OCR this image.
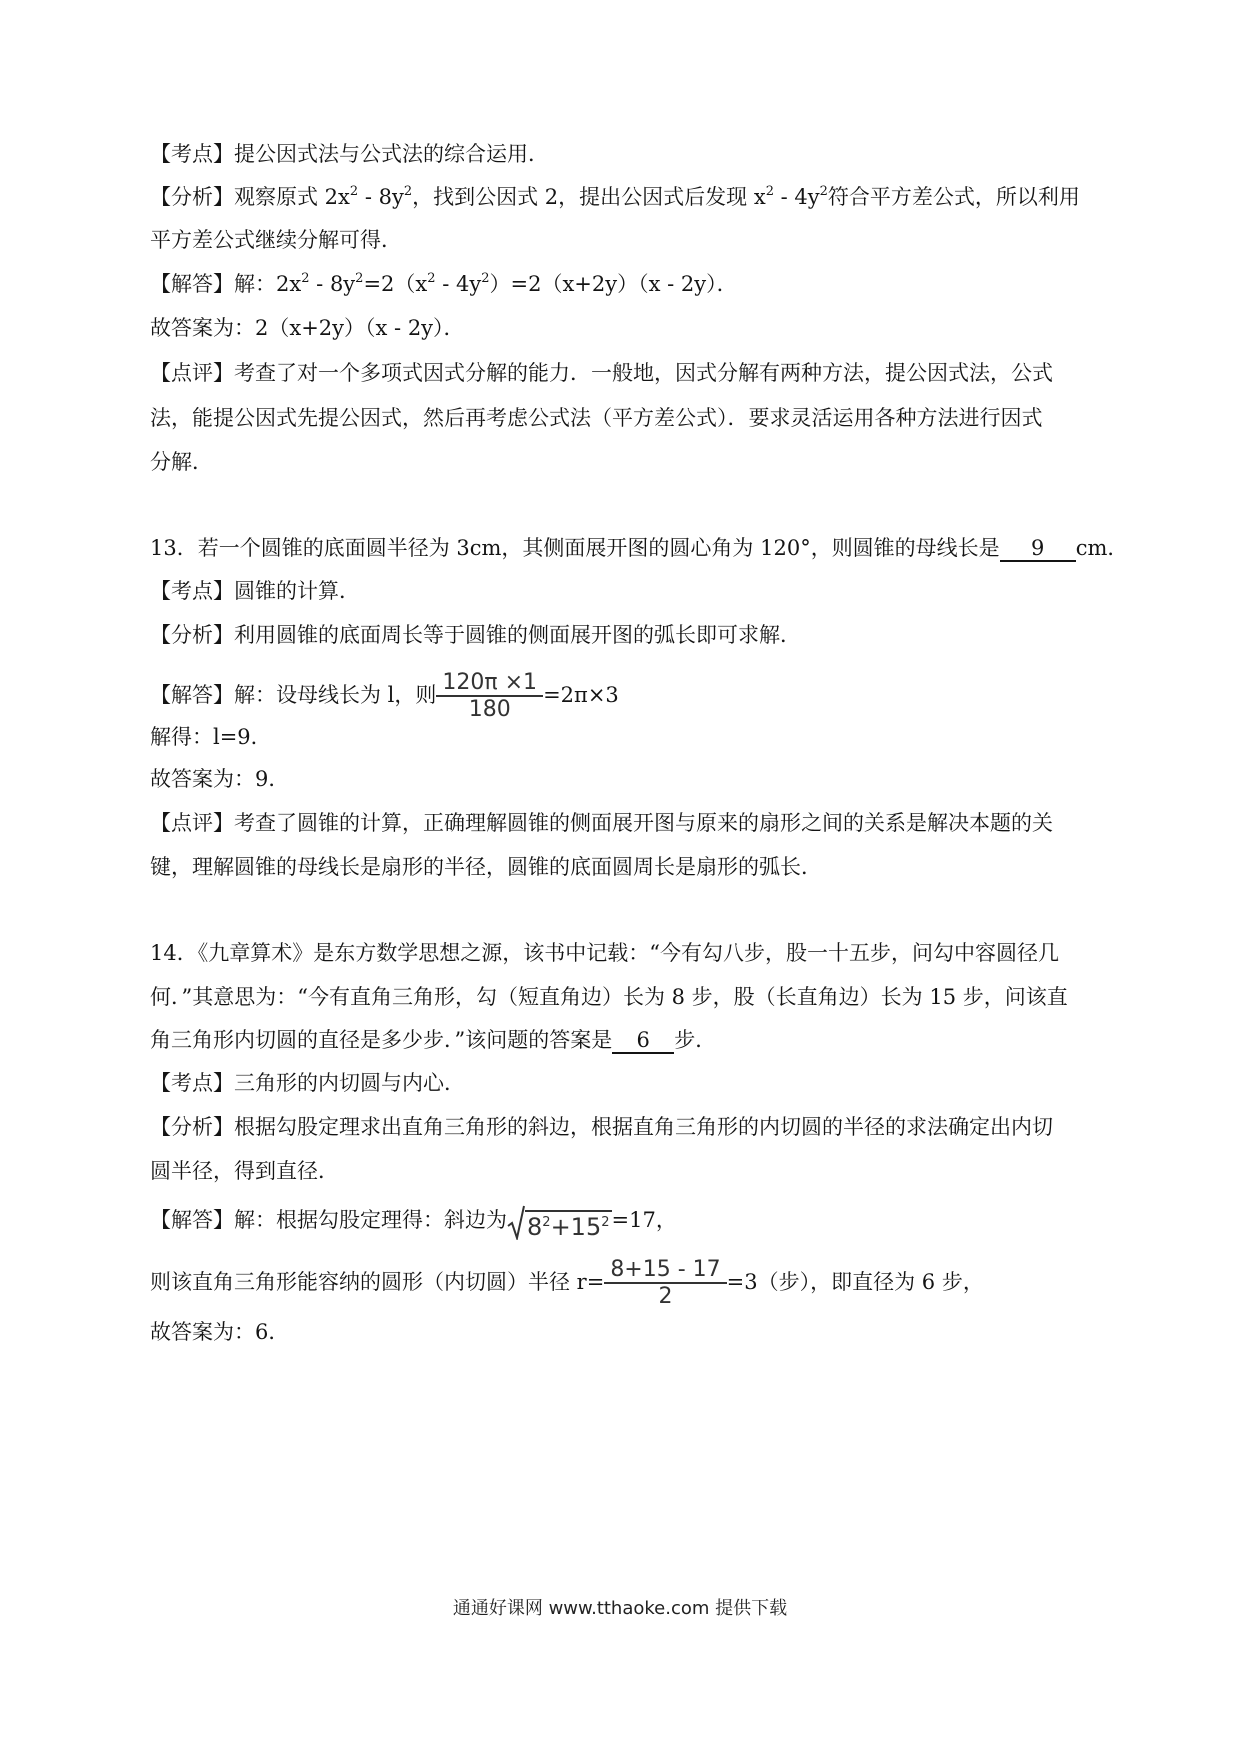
【考点】提公因式法与公式法的综合运用．
【分析】观察原式 $2x^2 - 8y^2$，找到公因式 2，提出公因式后发现 $x^2 - 4y^2$符合平方差公式，所以利用
平方差公式继续分解可得．
【解答】解：$2x^2 - 8y^2=2(x^2 - 4y^2)=2(x+2y)(x - 2y)$．
故答案为：2（x+2y）（x - 2y）．
【点评】考查了对一个多项式因式分解的能力．一般地，因式分解有两种方法，提公因式法，公式
法，能提公因式先提公因式，然后再考虑公式法（平方差公式）．要求灵活运用各种方法进行因式
分解．
13．若一个圆锥的底面圆半径为 3cm，其侧面展开图的圆心角为 120°，则圆锥的母线长是 9 cm．
【考点】圆锥的计算．
【分析】利用圆锥的底面周长等于圆锥的侧面展开图的弧长即可求解．
【解答】解：设母线长为 l，则 $\frac{120\pi \times 1}{180} =2\pi\times 3$
解得：l=9．
故答案为：9．
【点评】考查了圆锥的计算，正确理解圆锥的侧面展开图与原来的扇形之间的关系是解决本题的关
键，理解圆锥的母线长是扇形的半径，圆锥的底面圆周长是扇形的弧长．
14．《九章算术》是东方数学思想之源，该书中记载：“今有勾八步，股一十五步，问勾中容圆径几
何．”其意思为：“今有直角三角形，勾（短直角边）长为 8 步，股（长直角边）长为 15 步，问该直
角三角形内切圆的直径是多少步．”该问题的答案是 6 步．
【考点】三角形的内切圆与内心．
【分析】根据勾股定理求出直角三角形的斜边，根据直角三角形的内切圆的半径的求法确定出内切
圆半径，得到直径．
【解答】解：根据勾股定理得：斜边为 $8^2+15^2 =17$，
则该直角三角形能容纳的圆形（内切圆）半径 $r= \frac{8+15 - 17}{2} =3$（步），即直径为 6 步，
故答案为：6．
通通好课网 www.tthaoke.com 提供下载
